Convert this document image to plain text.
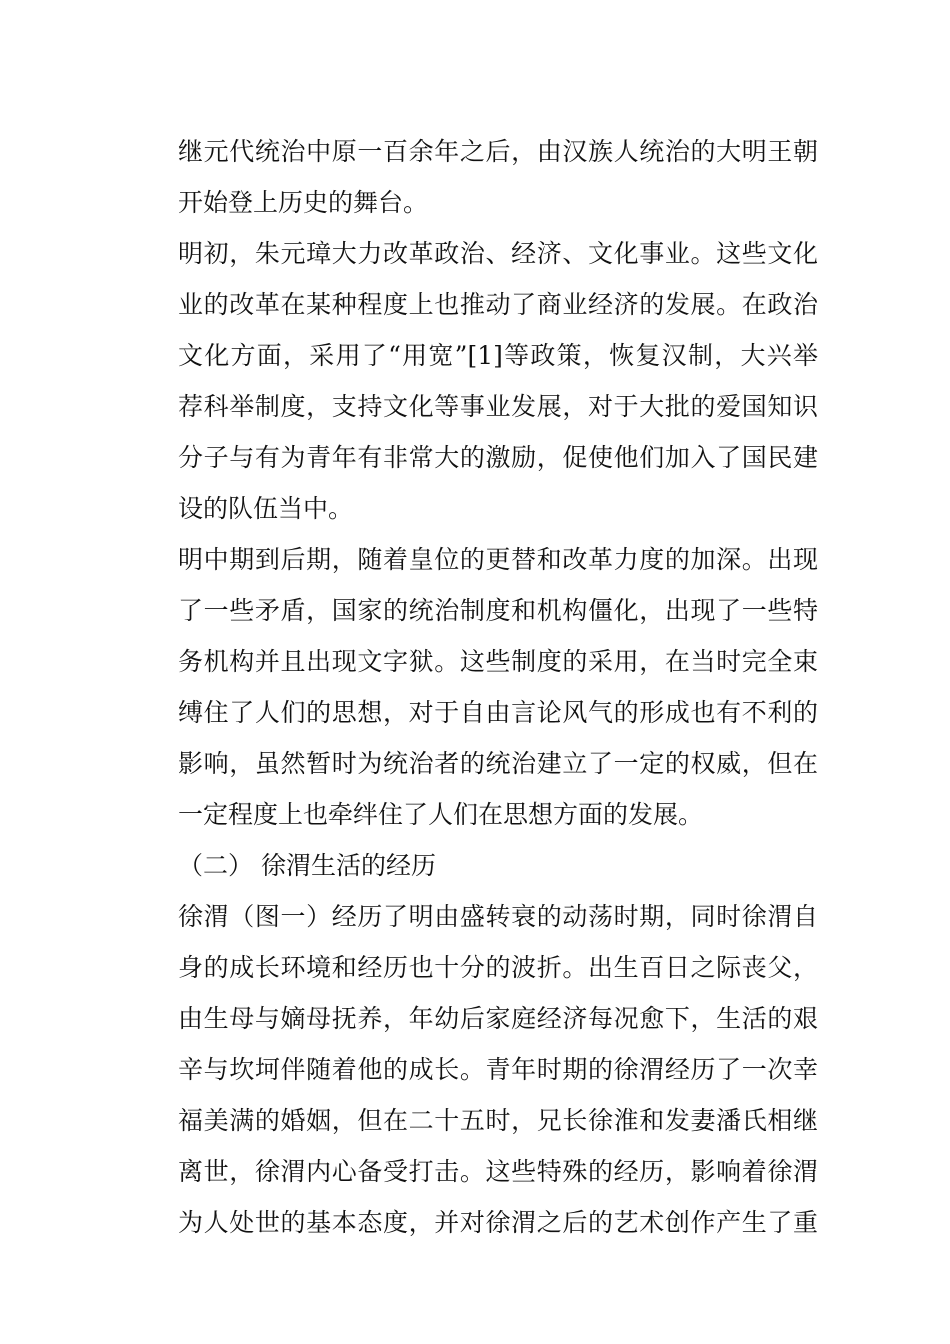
继元代统治中原一百余年之后，由汉族人统治的大明王朝
开始登上历史的舞台。
明初，朱元璋大力改革政治、经济、文化事业。这些文化
业的改革在某种程度上也推动了商业经济的发展。在政治
文化方面，采用了“用宽”[1]等政策，恢复汉制，大兴举
荐科举制度，支持文化等事业发展，对于大批的爱国知识
分子与有为青年有非常大的激励，促使他们加入了国民建
设的队伍当中。
明中期到后期，随着皇位的更替和改革力度的加深。出现
了一些矛盾，国家的统治制度和机构僵化，出现了一些特
务机构并且出现文字狱。这些制度的采用，在当时完全束
缚住了人们的思想，对于自由言论风气的形成也有不利的
影响，虽然暂时为统治者的统治建立了一定的权威，但在
一定程度上也牵绊住了人们在思想方面的发展。
（二） 徐渭生活的经历
徐渭（图一）经历了明由盛转衰的动荡时期，同时徐渭自
身的成长环境和经历也十分的波折。出生百日之际丧父，
由生母与嫡母抚养，年幼后家庭经济每况愈下，生活的艰
辛与坎坷伴随着他的成长。青年时期的徐渭经历了一次幸
福美满的婚姻，但在二十五时，兄长徐淮和发妻潘氏相继
离世，徐渭内心备受打击。这些特殊的经历，影响着徐渭
为人处世的基本态度，并对徐渭之后的艺术创作产生了重
